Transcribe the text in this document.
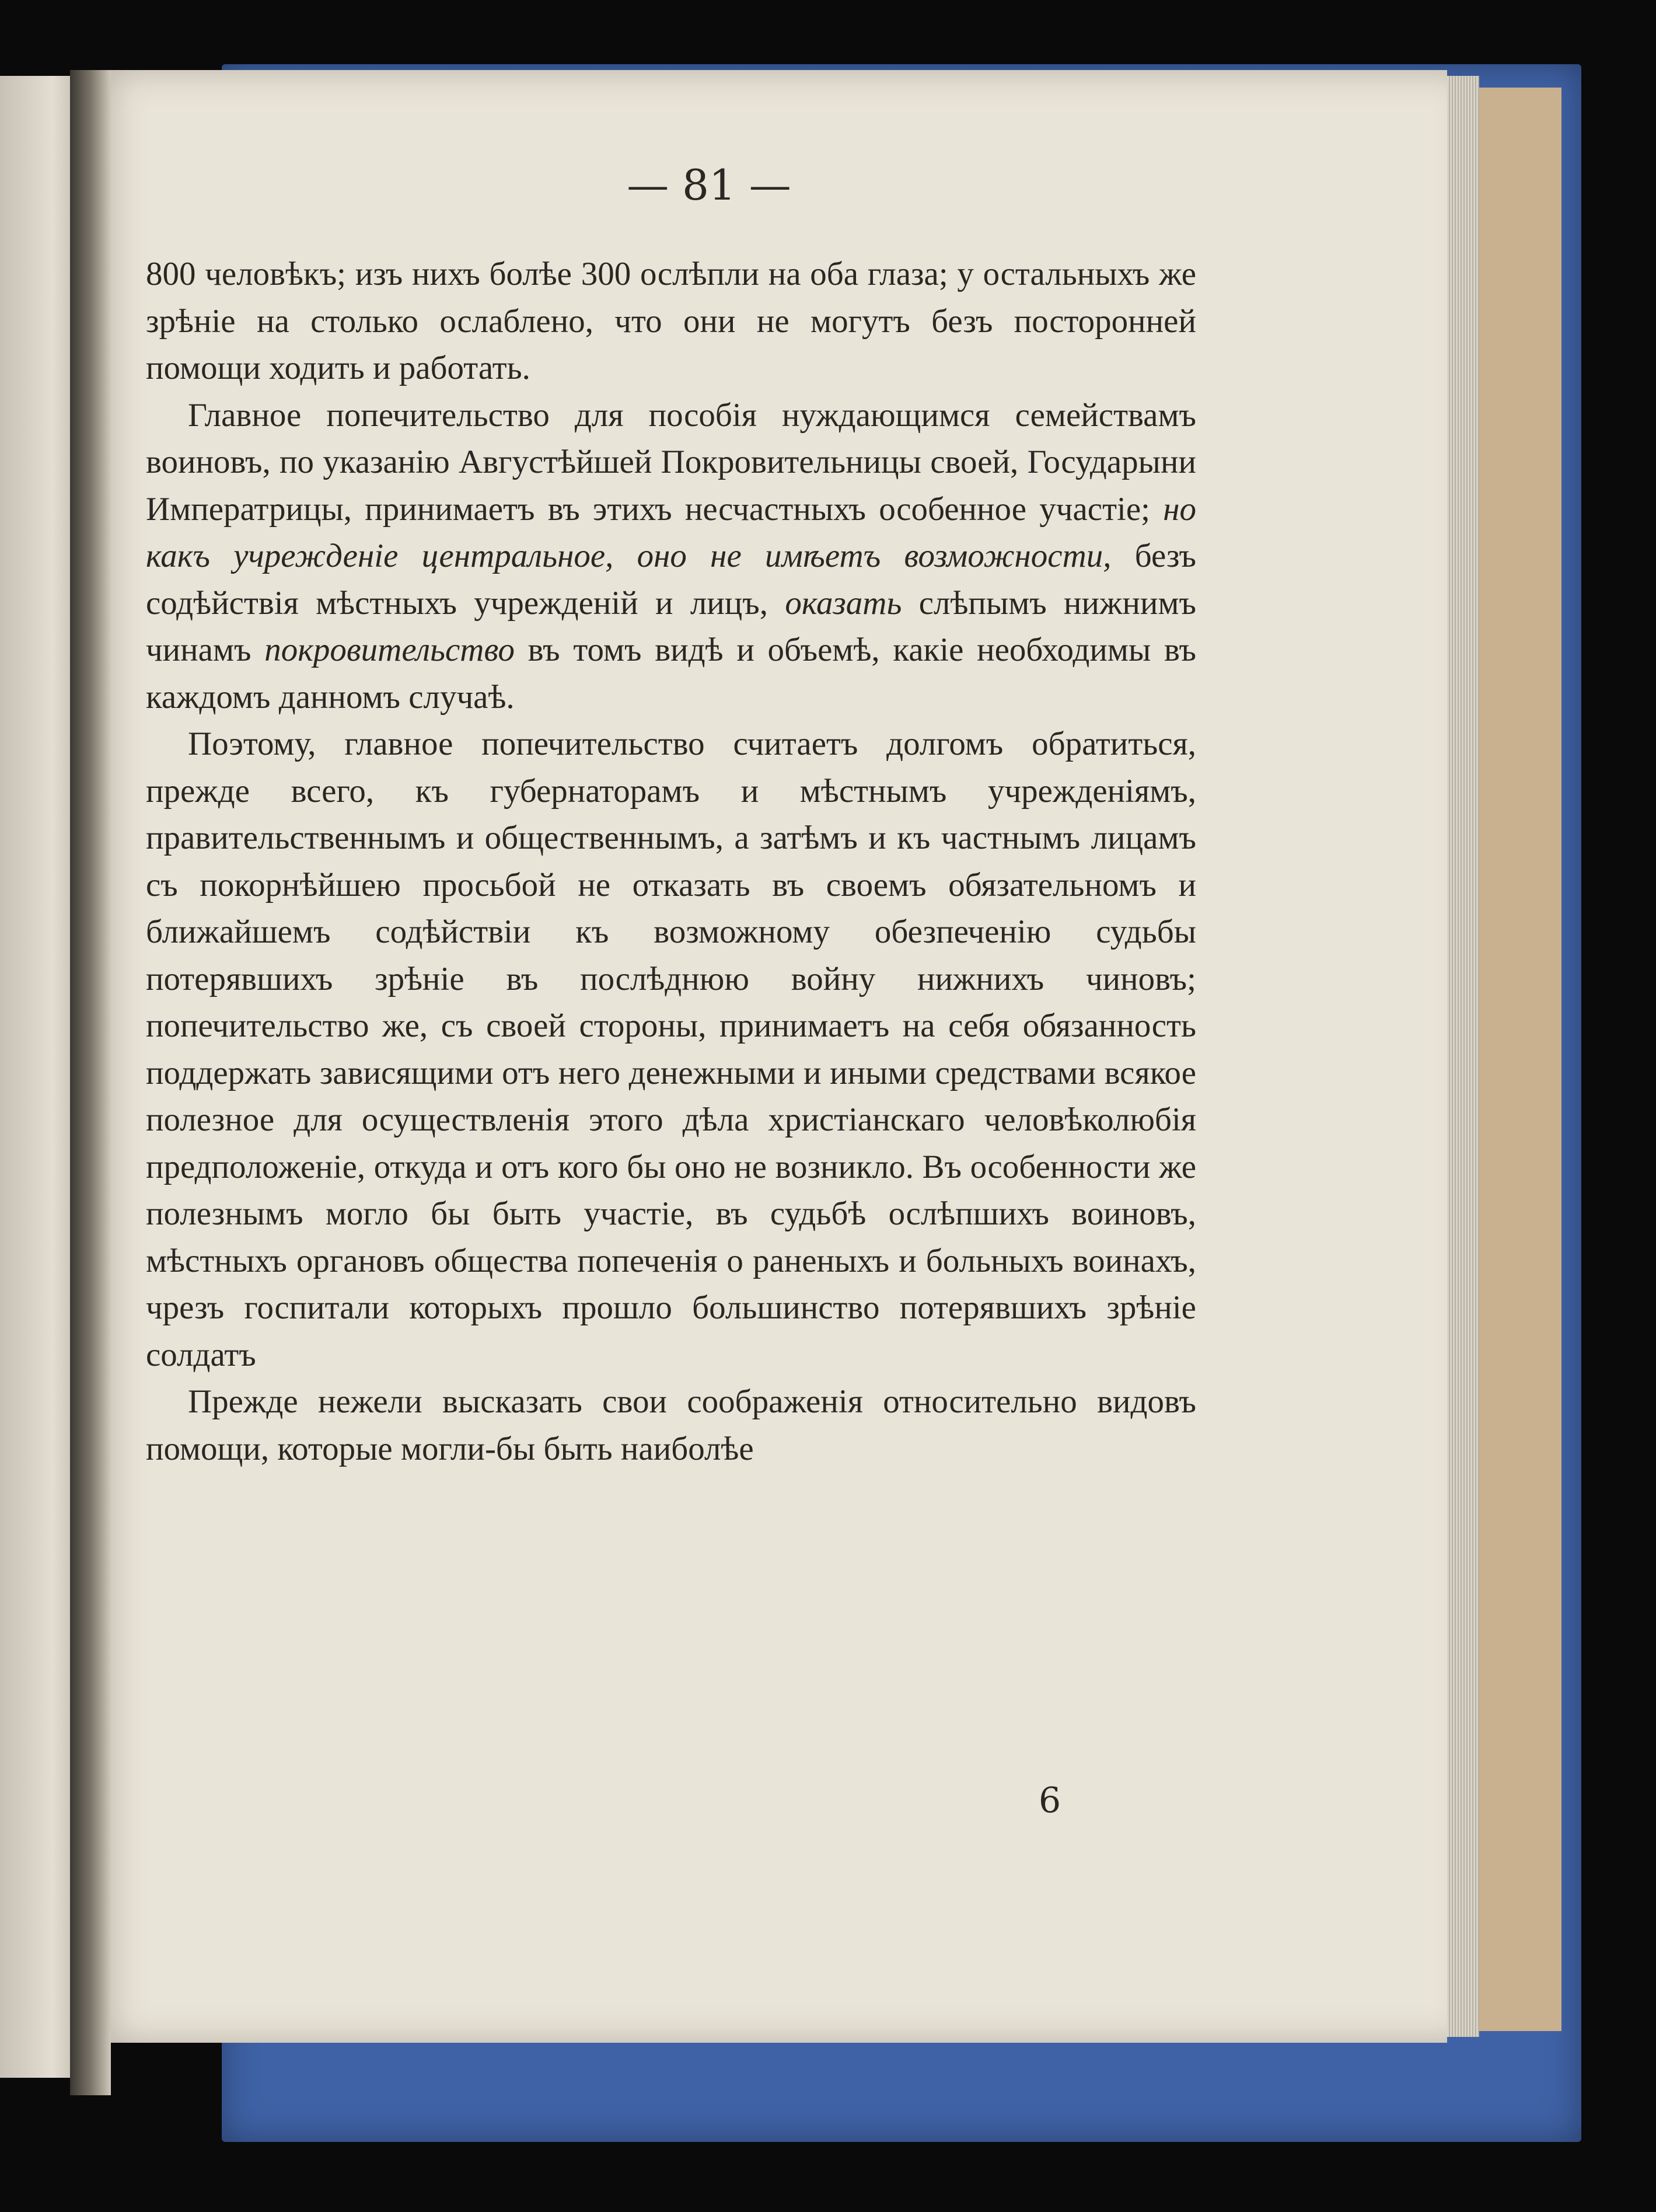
— 81 —

800 человѣкъ; изъ нихъ болѣе 300 ослѣпли на оба глаза; у остальныхъ же зрѣніе на столько ослаблено, что они не могутъ безъ посторонней помощи ходить и работать.

Главное попечительство для пособія нуждающимся семействамъ воиновъ, по указанію Августѣйшей Покровительницы своей, Государыни Императрицы, принимаетъ въ этихъ несчастныхъ особенное участіе; но какъ учрежденіе центральное, оно не имѣетъ возможности, безъ содѣйствія мѣстныхъ учрежденій и лицъ, оказать слѣпымъ нижнимъ чинамъ покровительство въ томъ видѣ и объемѣ, какіе необходимы въ каждомъ данномъ случаѣ.

Поэтому, главное попечительство считаетъ долгомъ обратиться, прежде всего, къ губернаторамъ и мѣстнымъ учрежденіямъ, правительственнымъ и общественнымъ, а затѣмъ и къ частнымъ лицамъ съ покорнѣйшею просьбой не отказать въ своемъ обязательномъ и ближайшемъ содѣйствіи къ возможному обезпеченію судьбы потерявшихъ зрѣніе въ послѣднюю войну нижнихъ чиновъ; попечительство же, съ своей стороны, принимаетъ на себя обязанность поддержать зависящими отъ него денежными и иными средствами всякое полезное для осуществленія этого дѣла христіанскаго человѣколюбія предположеніе, откуда и отъ кого бы оно не возникло. Въ особенности же полезнымъ могло бы быть участіе, въ судьбѣ ослѣпшихъ воиновъ, мѣстныхъ органовъ общества попеченія о раненыхъ и больныхъ воинахъ, чрезъ госпитали которыхъ прошло большинство потерявшихъ зрѣніе солдатъ

Прежде нежели высказать свои соображенія относительно видовъ помощи, которые могли-бы быть наиболѣе

6
